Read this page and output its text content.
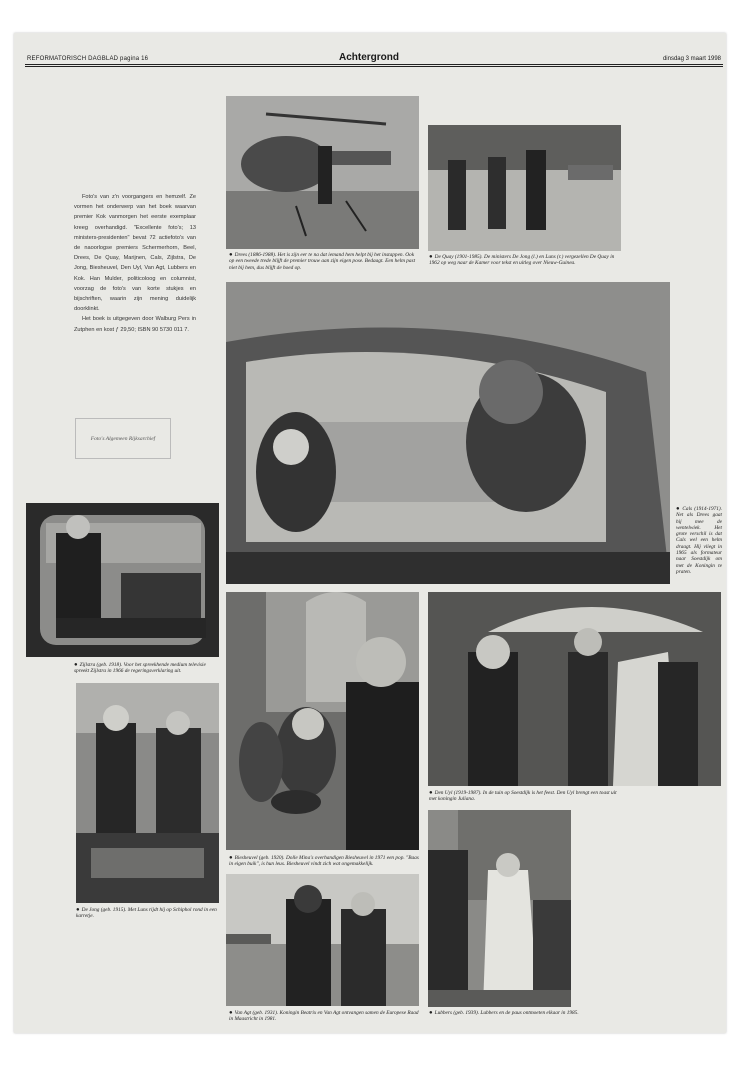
REFORMATORISCH DAGBLAD pagina 16	Achtergrond	dinsdag 3 maart 1998

Foto's van z'n voorgangers en hemzelf. Ze vormen het onderwerp van het boek waarvan premier Kok vanmorgen het eerste exemplaar kreeg overhandigd. "Excellente foto's; 13 ministers-presidenten" bevat 72 actiefoto's van de naoorlogse premiers Schermerhorn, Beel, Drees, De Quay, Marijnen, Cals, Zijlstra, De Jong, Biesheuvel, Den Uyl, Van Agt, Lubbers en Kok. Han Mulder, politicoloog en columnist, voorzag de foto's van korte stukjes en bijschriften, waarin zijn mening duidelijk doorklinkt.

Het boek is uitgegeven door Walburg Pers in Zutphen en kost ƒ 29,50; ISBN 90 5730 011 7.

Foto's Algemeen Rijksarchief
● Drees (1886-1988). Het is zijn eer te na dat iemand hem helpt bij het instappen. Ook op een tweede trede blijft de premier trouw aan zijn eigen pose. Bedaagt. Een helm past niet bij hem, dus blijft de hoed op.
● De Quay (1901-1985). De ministers De Jong (l.) en Luns (r.) vergezellen De Quay in 1962 op weg naar de Kamer voor tekst en uitleg over Nieuw-Guinea.
● Cals (1914-1971). Net als Drees gaat hij mee de wentelwiek. Het grote verschil is dat Cals wel een helm draagt. Hij vliegt in 1965 als formateur naar Soestdijk om met de Koningin te praten.
● Zijlstra (geb. 1918). Voor het spreekhende medium televisie spreekt Zijlstra in 1966 de regeringsverklaring uit.
● De Jong (geb. 1915). Met Luns rijdt hij op Schiphol rond in een karretje.
● Biesheuvel (geb. 1920). Dolle Mina's overhandigen Biesheuvel in 1971 een pop. "Baas in eigen buik", is hun leus. Biesheuvel vindt zich wat ongemakkelijk.
● Den Uyl (1919-1987). In de tuin op Soestdijk is het feest. Den Uyl brengt een toast uit met koningin Juliana.
● Van Agt (geb. 1931). Koningin Beatrix en Van Agt ontvangen samen de Europese Raad in Maastricht in 1981.
● Lubbers (geb. 1939). Lubbers en de paus ontmoeten elkaar in 1985.
